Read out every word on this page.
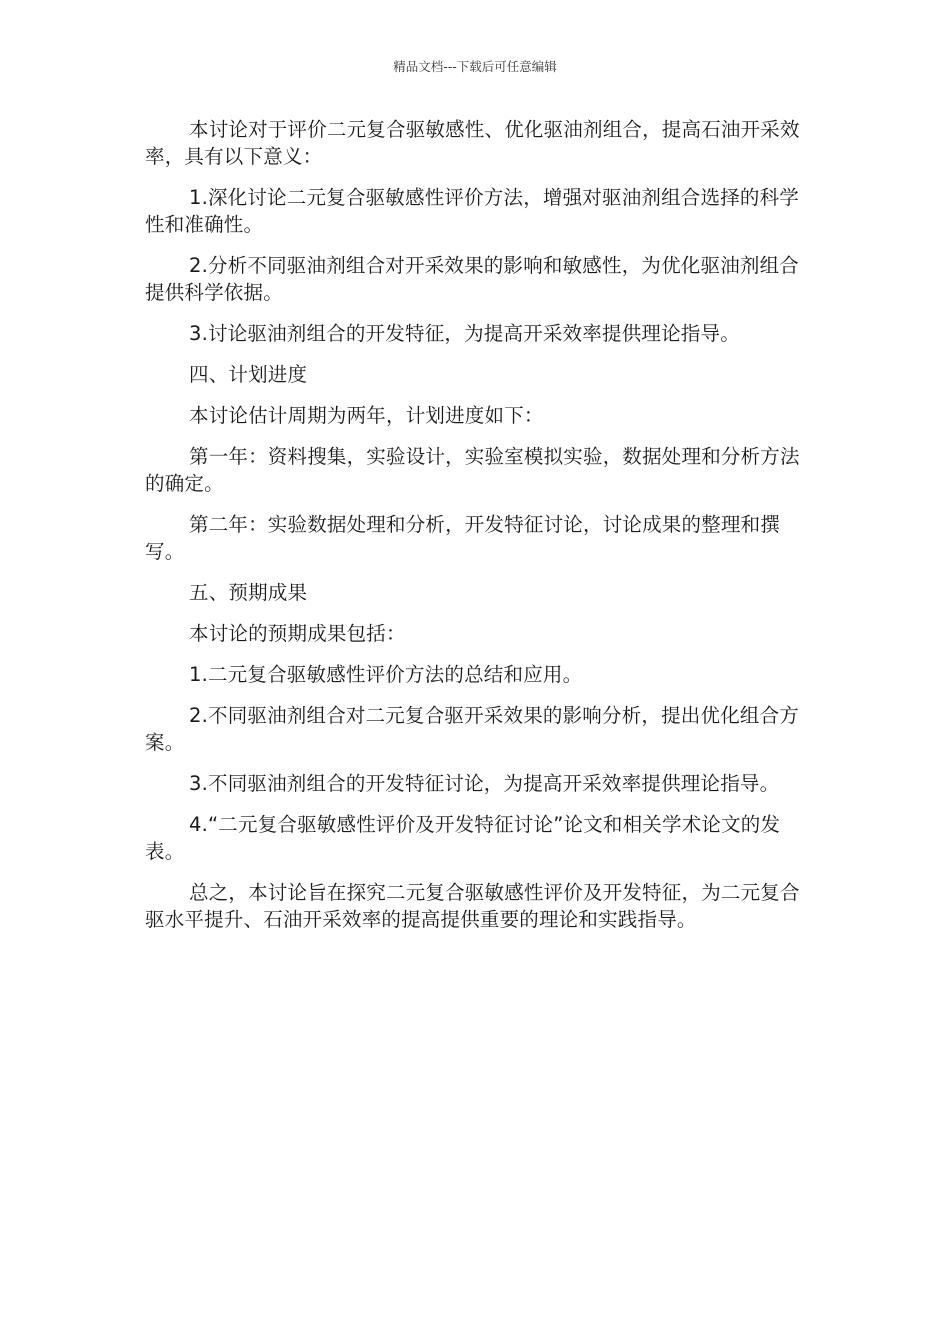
精品文档---下载后可任意编辑

本讨论对于评价二元复合驱敏感性、优化驱油剂组合，提高石油开采效率，具有以下意义：

1.深化讨论二元复合驱敏感性评价方法，增强对驱油剂组合选择的科学性和准确性。

2.分析不同驱油剂组合对开采效果的影响和敏感性，为优化驱油剂组合提供科学依据。

3.讨论驱油剂组合的开发特征，为提高开采效率提供理论指导。

四、计划进度

本讨论估计周期为两年，计划进度如下：

第一年：资料搜集，实验设计，实验室模拟实验，数据处理和分析方法的确定。

第二年：实验数据处理和分析，开发特征讨论，讨论成果的整理和撰写。

五、预期成果

本讨论的预期成果包括：

1.二元复合驱敏感性评价方法的总结和应用。

2.不同驱油剂组合对二元复合驱开采效果的影响分析，提出优化组合方案。

3.不同驱油剂组合的开发特征讨论，为提高开采效率提供理论指导。

4.“二元复合驱敏感性评价及开发特征讨论”论文和相关学术论文的发表。

总之，本讨论旨在探究二元复合驱敏感性评价及开发特征，为二元复合驱水平提升、石油开采效率的提高提供重要的理论和实践指导。
